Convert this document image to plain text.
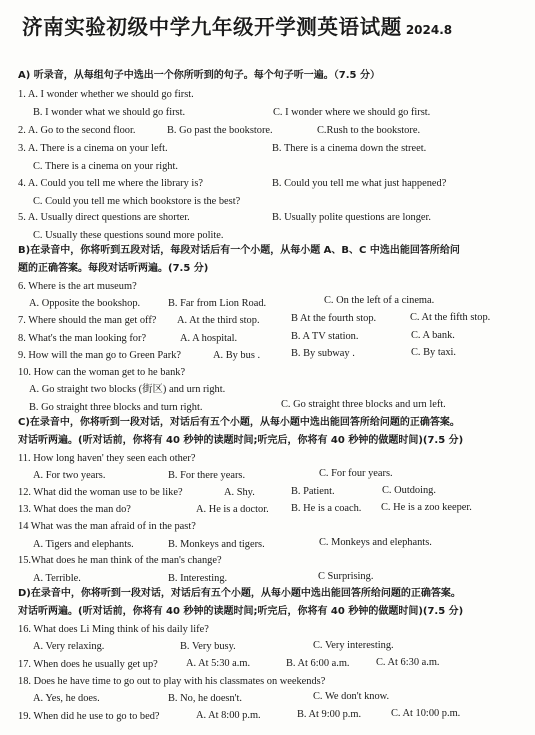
济南实验初级中学九年级开学测英语试题 2024.8
A) 听录音，从每组句子中选出一个你所听到的句子。每个句子听一遍。（7.5 分）
1. A. I wonder whether we should go first.
B. I wonder what we should go first.	C. I wonder where we should go first.
2. A. Go to the second floor.	B. Go past the bookstore.	C.Rush to the bookstore.
3. A. There is a cinema on your left.	B. There is a cinema down the street.
C. There is a cinema on your right.
4. A. Could you tell me where the library is?	B. Could you tell me what just happened?
C. Could you tell me which bookstore is the best?
5. A. Usually direct questions are shorter.	B. Usually polite questions are longer.
C. Usually these questions sound more polite.
B)在录音中，你将听到五段对话，每段对话后有一个小题，从每小题 A、B、C 中选出能回答所给问
题的正确答案。每段对话听两遍。(7.5 分)
6. Where is the art museum?
A. Opposite the bookshop.	B. Far from Lion Road.	C. On the left of a cinema.
7. Where should the man get off? A. At the third stop.	B At the fourth stop.	C. At the fifth stop.
8. What's the man looking for?	A. A hospital.	B. A TV station.	C. A bank.
9. How will the man go to Green Park?	A. By bus .	B. By subway .	C. By taxi.
10. How can the woman get to he bank?
A. Go straight two blocks (街区) and urn right.
B. Go straight three blocks and turn right.	C. Go straight three blocks and urn left.
C)在录音中，你将听到一段对话，对话后有五个小题，从每小题中选出能回答所给问题的正确答案。
对话听两遍。(听对话前，你将有 40 秒钟的读题时间;听完后，你将有 40 秒钟的做题时间)(7.5 分)
11. How long haven' they seen each other?
A. For two years.	B. For there years.	C. For four years.
12. What did the woman use to be like?	A. Shy.	B. Patient.	C. Outdoing.
13. What does the man do?	A. He is a doctor. B. He is a coach. C. He is a zoo keeper.
14 What was the man afraid of in the past?
A. Tigers and elephants.	B. Monkeys and tigers.	C. Monkeys and elephants.
15.What does he man think of the man's change?
A. Terrible.	B. Interesting.	C Surprising.
D)在录音中，你将听到一段对话，对话后有五个小题，从每小题中选出能回答所给问题的正确答案。
对话听两遍。(听对话前，你将有 40 秒钟的读题时间;听完后，你将有 40 秒钟的做题时间)(7.5 分)
16. What does Li Ming think of his daily life?
A. Very relaxing.	B. Very busy.	C. Very interesting.
17. When does he usually get up?	A. At 5:30 a.m.	B. At 6:00 a.m.	C. At 6:30 a.m.
18. Does he have time to go out to play with his classmates on weekends?
A. Yes, he does.	B. No, he doesn't.	C. We don't know.
19. When did he use to go to bed?	A. At 8:00 p.m.	B. At 9:00 p.m.	C. At 10:00 p.m.
